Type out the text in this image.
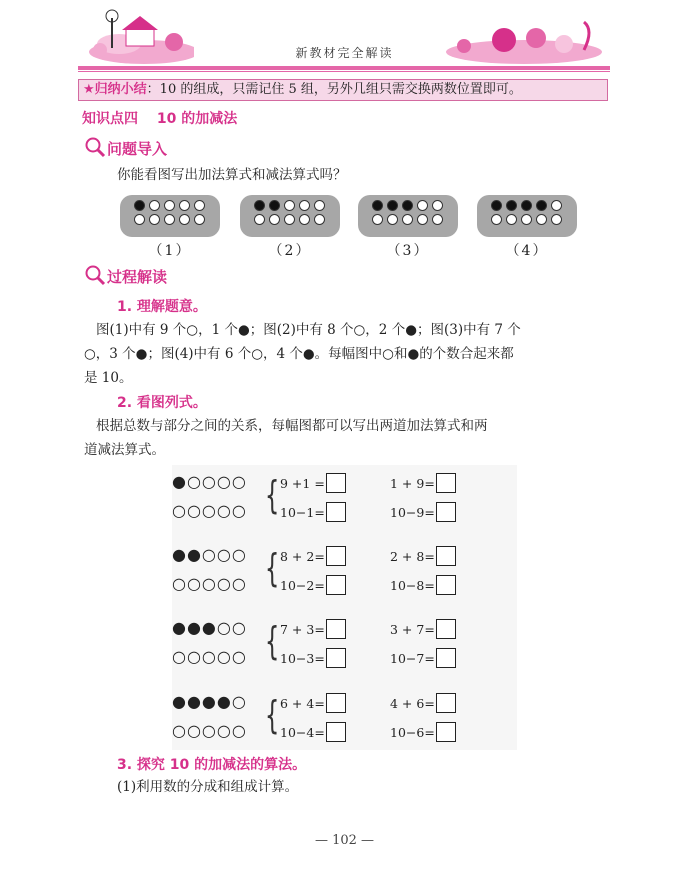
新教材完全解读
★归纳小结：10 的组成，只需记住 5 组，另外几组只需交换两数位置即可。
知识点四 10 的加减法
问题导入
你能看图写出加法算式和减法算式吗？
（1）	（2）	（3）	（4）
过程解读
1. 理解题意。
图(1)中有 9 个○，1 个●；图(2)中有 8 个○，2 个●；图(3)中有 7 个
○，3 个●；图(4)中有 6 个○，4 个●。每幅图中○和●的个数合起来都
是 10。
2. 看图列式。
根据总数与部分之间的关系，每幅图都可以写出两道加法算式和两
道减法算式。
●○○○○
○○○○○ { 9 +1 =	1 + 9=
10−1=	10−9=
●●○○○
○○○○○ { 8 + 2=	2 + 8=
10−2=	10−8=
●●●○○
○○○○○ { 7 + 3=	3 + 7=
10−3=	10−7=
●●●●○
○○○○○ { 6 + 4=	4 + 6=
10−4=	10−6=
3. 探究 10 的加减法的算法。
(1)利用数的分成和组成计算。
— 102 —
